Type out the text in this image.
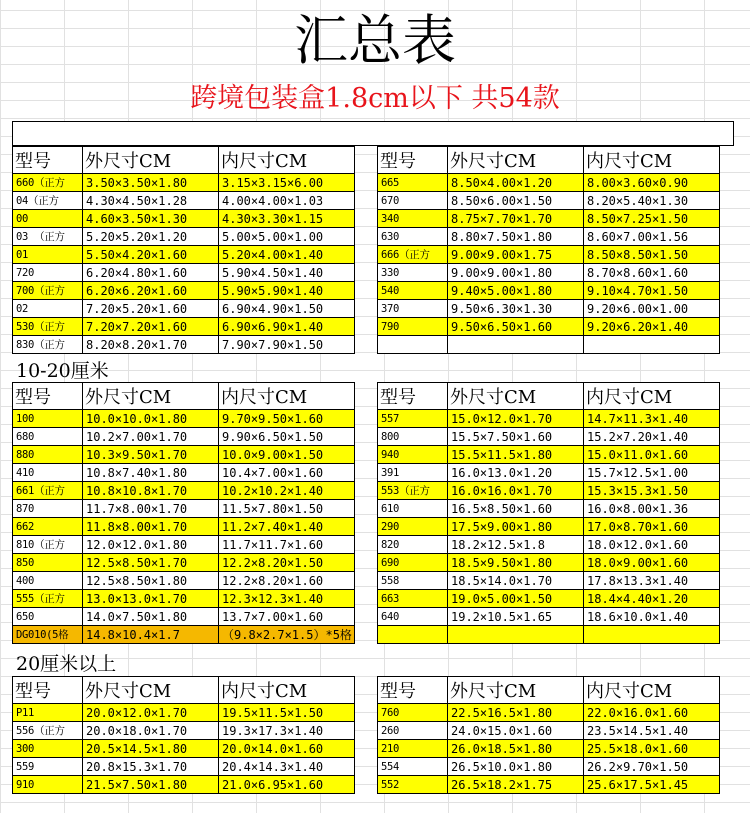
汇总表
跨境包装盒1.8cm以下 共54款
型号	外尺寸CM	内尺寸CM
660（正方	3.50×3.50×1.80	3.15×3.15×6.00
04（正方	4.30×4.50×1.28	4.00×4.00×1.03
00	4.60×3.50×1.30	4.30×3.30×1.15
03 （正方	5.20×5.20×1.20	5.00×5.00×1.00
01	5.50×4.20×1.60	5.20×4.00×1.40
720	6.20×4.80×1.60	5.90×4.50×1.40
700（正方	6.20×6.20×1.60	5.90×5.90×1.40
02	7.20×5.20×1.60	6.90×4.90×1.50
530（正方	7.20×7.20×1.60	6.90×6.90×1.40
830（正方	8.20×8.20×1.70	7.90×7.90×1.50
型号	外尺寸CM	内尺寸CM
665	8.50×4.00×1.20	8.00×3.60×0.90
670	8.50×6.00×1.50	8.20×5.40×1.30
340	8.75×7.70×1.70	8.50×7.25×1.50
630	8.80×7.50×1.80	8.60×7.00×1.56
666（正方	9.00×9.00×1.75	8.50×8.50×1.50
330	9.00×9.00×1.80	8.70×8.60×1.60
540	9.40×5.00×1.80	9.10×4.70×1.50
370	9.50×6.30×1.30	9.20×6.00×1.00
790	9.50×6.50×1.60	9.20×6.20×1.40

10-20厘米
型号	外尺寸CM	内尺寸CM
100	10.0×10.0×1.80	9.70×9.50×1.60
680	10.2×7.00×1.70	9.90×6.50×1.50
880	10.3×9.50×1.70	10.0×9.00×1.50
410	10.8×7.40×1.80	10.4×7.00×1.60
661（正方	10.8×10.8×1.70	10.2×10.2×1.40
870	11.7×8.00×1.70	11.5×7.80×1.50
662	11.8×8.00×1.70	11.2×7.40×1.40
810（正方	12.0×12.0×1.80	11.7×11.7×1.60
850	12.5×8.50×1.70	12.2×8.20×1.50
400	12.5×8.50×1.80	12.2×8.20×1.60
555（正方	13.0×13.0×1.70	12.3×12.3×1.40
650	14.0×7.50×1.80	13.7×7.00×1.60
DG010(5格	14.8×10.4×1.7	（9.8×2.7×1.5）*5格
型号	外尺寸CM	内尺寸CM
557	15.0×12.0×1.70	14.7×11.3×1.40
800	15.5×7.50×1.60	15.2×7.20×1.40
940	15.5×11.5×1.80	15.0×11.0×1.60
391	16.0×13.0×1.20	15.7×12.5×1.00
553（正方	16.0×16.0×1.70	15.3×15.3×1.50
610	16.5×8.50×1.60	16.0×8.00×1.36
290	17.5×9.00×1.80	17.0×8.70×1.60
820	18.2×12.5×1.8	18.0×12.0×1.60
690	18.5×9.50×1.80	18.0×9.00×1.60
558	18.5×14.0×1.70	17.8×13.3×1.40
663	19.0×5.00×1.50	18.4×4.40×1.20
640	19.2×10.5×1.65	18.6×10.0×1.40

20厘米以上
型号	外尺寸CM	内尺寸CM
P11	20.0×12.0×1.70	19.5×11.5×1.50
556（正方	20.0×18.0×1.70	19.3×17.3×1.40
300	20.5×14.5×1.80	20.0×14.0×1.60
559	20.8×15.3×1.70	20.4×14.3×1.40
910	21.5×7.50×1.80	21.0×6.95×1.60
型号	外尺寸CM	内尺寸CM
760	22.5×16.5×1.80	22.0×16.0×1.60
260	24.0×15.0×1.60	23.5×14.5×1.40
210	26.0×18.5×1.80	25.5×18.0×1.60
554	26.5×10.0×1.80	26.2×9.70×1.50
552	26.5×18.2×1.75	25.6×17.5×1.45
